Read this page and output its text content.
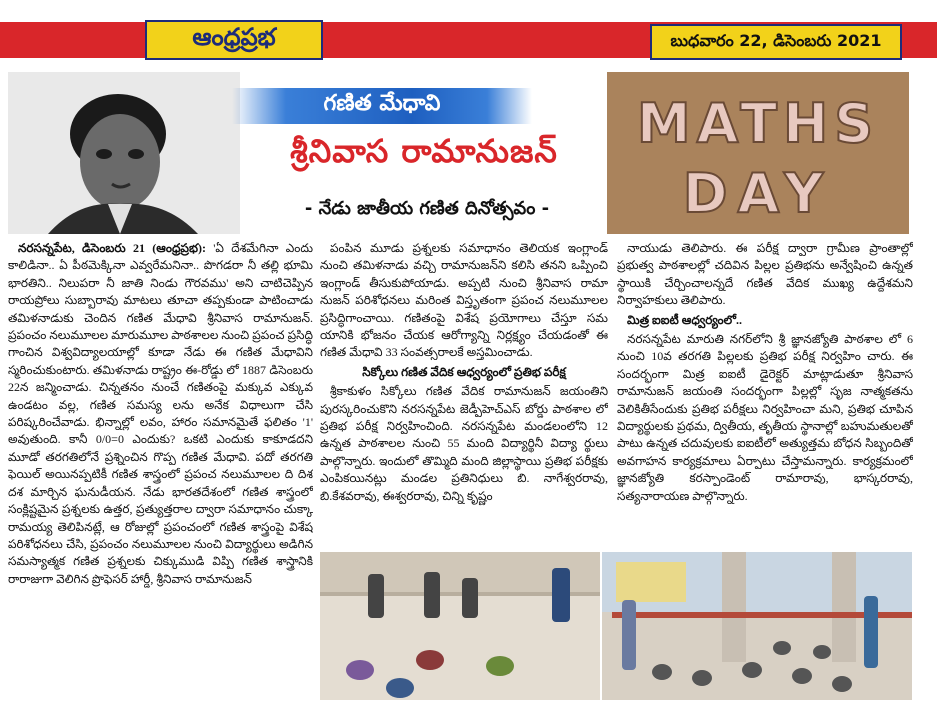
ఆంధ్రప్రభ	బుధవారం 22, డిసెంబరు 2021
గణిత మేధావి
శ్రీనివాస రామానుజన్
- నేడు జాతీయ గణిత దినోత్సవం -
MATHS
DAY

నరసన్నపేట, డిసెంబరు 21 (ఆంధ్రప్రభ): 'ఏ దేశమేగినా ఎందు కాలిడినా.. ఏ పీఠమెక్కినా ఎవ్వరేమనినా.. పొగడరా నీ తల్లి భూమి భారతిని.. నిలుపరా నీ జాతి నిండు గౌరవము' అని చాటిచెప్పిన రాయప్రోలు సుబ్బారావు మాటలు తూచా తప్పకుండా పాటించాడు తమిళనాడుకు చెందిన గణిత మేధావి శ్రీనివాస రామానుజన్. ప్రపంచం నలుమూలల మారుమూల పాఠశాలల నుంచి ప్రపంచ ప్రసిద్ధి గాంచిన విశ్వవిద్యాలయాల్లో కూడా నేడు ఈ గణిత మేధావిని స్మరించుకుంటారు. తమిళనాడు రాష్ట్రం ఈ-రోడ్డు లో 1887 డిసెంబరు 22న జన్మించాడు. చిన్నతనం నుంచే గణితంపై మక్కువ ఎక్కువ ఉండటం వల్ల, గణిత సమస్య లను అనేక విధాలుగా చేసి పరిష్కరించేవాడు. భిన్నాల్లో లవం, హారం సమానమైతే ఫలితం '1' అవుతుంది. కానీ 0/0=0 ఎందుకు? ఒకటి ఎందుకు కాకూడదని మూడో తరగతిలోనే ప్రశ్నించిన గొప్ప గణిత మేధావి. పదో తరగతి ఫెయిల్ అయినప్పటికీ గణిత శాస్త్రంలో ప్రపంచ నలుమూలల ది దిశ దశ మార్చిన ఘనుడీయన. నేడు భారతదేశంలో గణిత శాస్త్రంలో సంక్లిష్టమైన ప్రశ్నలకు ఉత్తర, ప్రత్యుత్తరాల ద్వారా సమాధానం చుక్కా రామయ్య తెలిపినట్లే, ఆ రోజుల్లో ప్రపంచంలో గణిత శాస్త్రంపై విశేష పరిశోధనలు చేసి, ప్రపంచం నలుమూలల నుంచి విద్యార్థులు అడిగిన సమస్యాత్మక గణిత ప్రశ్నలకు చిక్కుముడి విప్పి గణిత శాస్త్రానికి రారాజుగా వెలిగిన ప్రొఫెసర్ హార్డీ, శ్రీనివాస రామానుజన్

పంపిన మూడు ప్రశ్నలకు సమాధానం తెలియక ఇంగ్లాండ్ నుంచి తమిళనాడు వచ్చి రామానుజన్‌ని కలిసి తనని ఒప్పించి ఇంగ్లాండ్ తీసుకుపోయాడు. అప్పటి నుంచి శ్రీనివాస రామా నుజన్ పరిశోధనలు మరింత విస్తృతంగా ప్రపంచ నలుమూలల ప్రసిద్ధిగాంచాయి. గణితంపై విశేష ప్రయోగాలు చేస్తూ సమ యానికి భోజనం చేయక ఆరోగ్యాన్ని నిర్లక్ష్యం చేయడంతో ఈ గణిత మేధావి 33 సంవత్సరాలకే అస్తమించాడు.

సిక్కోలు గణిత వేదిక ఆధ్వర్యంలో ప్రతిభ పరీక్ష

శ్రీకాకుళం సిక్కోలు గణిత వేదిక రామానుజన్ జయంతిని పురస్కరించుకొని నరసన్నపేట జెడ్పీహెచ్ఎస్ బోర్డు పాఠశాల లో ప్రతిభ పరీక్ష నిర్వహించింది. నరసన్నపేట మండలంలోని 12 ఉన్నత పాఠశాలల నుంచి 55 మంది విద్యార్థినీ విద్యా ర్థులు పాల్గొన్నారు. ఇందులో తొమ్మిది మంది జిల్లాస్థాయి ప్రతిభ పరీక్షకు ఎంపికయినట్లు మండల ప్రతినిధులు బి. నాగేశ్వరరావు, బి.కేశవరావు, ఈశ్వరరావు, చిన్ని కృష్ణం

నాయుడు తెలిపారు. ఈ పరీక్ష ద్వారా గ్రామీణ ప్రాంతాల్లో ప్రభుత్వ పాఠశాలల్లో చదివిన పిల్లల ప్రతిభను అన్వేషించి ఉన్నత స్థాయికి చేర్చించాలన్నదే గణిత వేదిక ముఖ్య ఉద్దేశమని నిర్వాహకులు తెలిపారు.

మిత్ర ఐఐటీ ఆధ్వర్యంలో..

నరసన్నపేట మారుతి నగర్‌లోని శ్రీ జ్ఞానజ్యోతి పాఠశాల లో 6 నుంచి 10వ తరగతి పిల్లలకు ప్రతిభ పరీక్ష నిర్వహిం చారు. ఈ సందర్భంగా మిత్ర ఐఐటీ డైరెక్టర్ మాట్లాడుతూ శ్రీనివాస రామానుజన్ జయంతి సందర్భంగా పిల్లల్లో సృజ నాత్మకతను వెలికితీసేందుకు ప్రతిభ పరీక్షలు నిర్వహించా మని, ప్రతిభ చూపిన విద్యార్థులకు ప్రథమ, ద్వితీయ, తృతీయ స్థానాల్లో బహుమతులతో పాటు ఉన్నత చదువులకు ఐఐటీలో అత్యుత్తమ బోధన సిబ్బందితో అవగాహన కార్యక్రమాలు ఏర్పాటు చేస్తామన్నారు. కార్యక్రమంలో జ్ఞానజ్యోతి కరస్పాండెంట్ రామారావు, భాస్కరరావు, సత్యనారాయణ పాల్గొన్నారు.
